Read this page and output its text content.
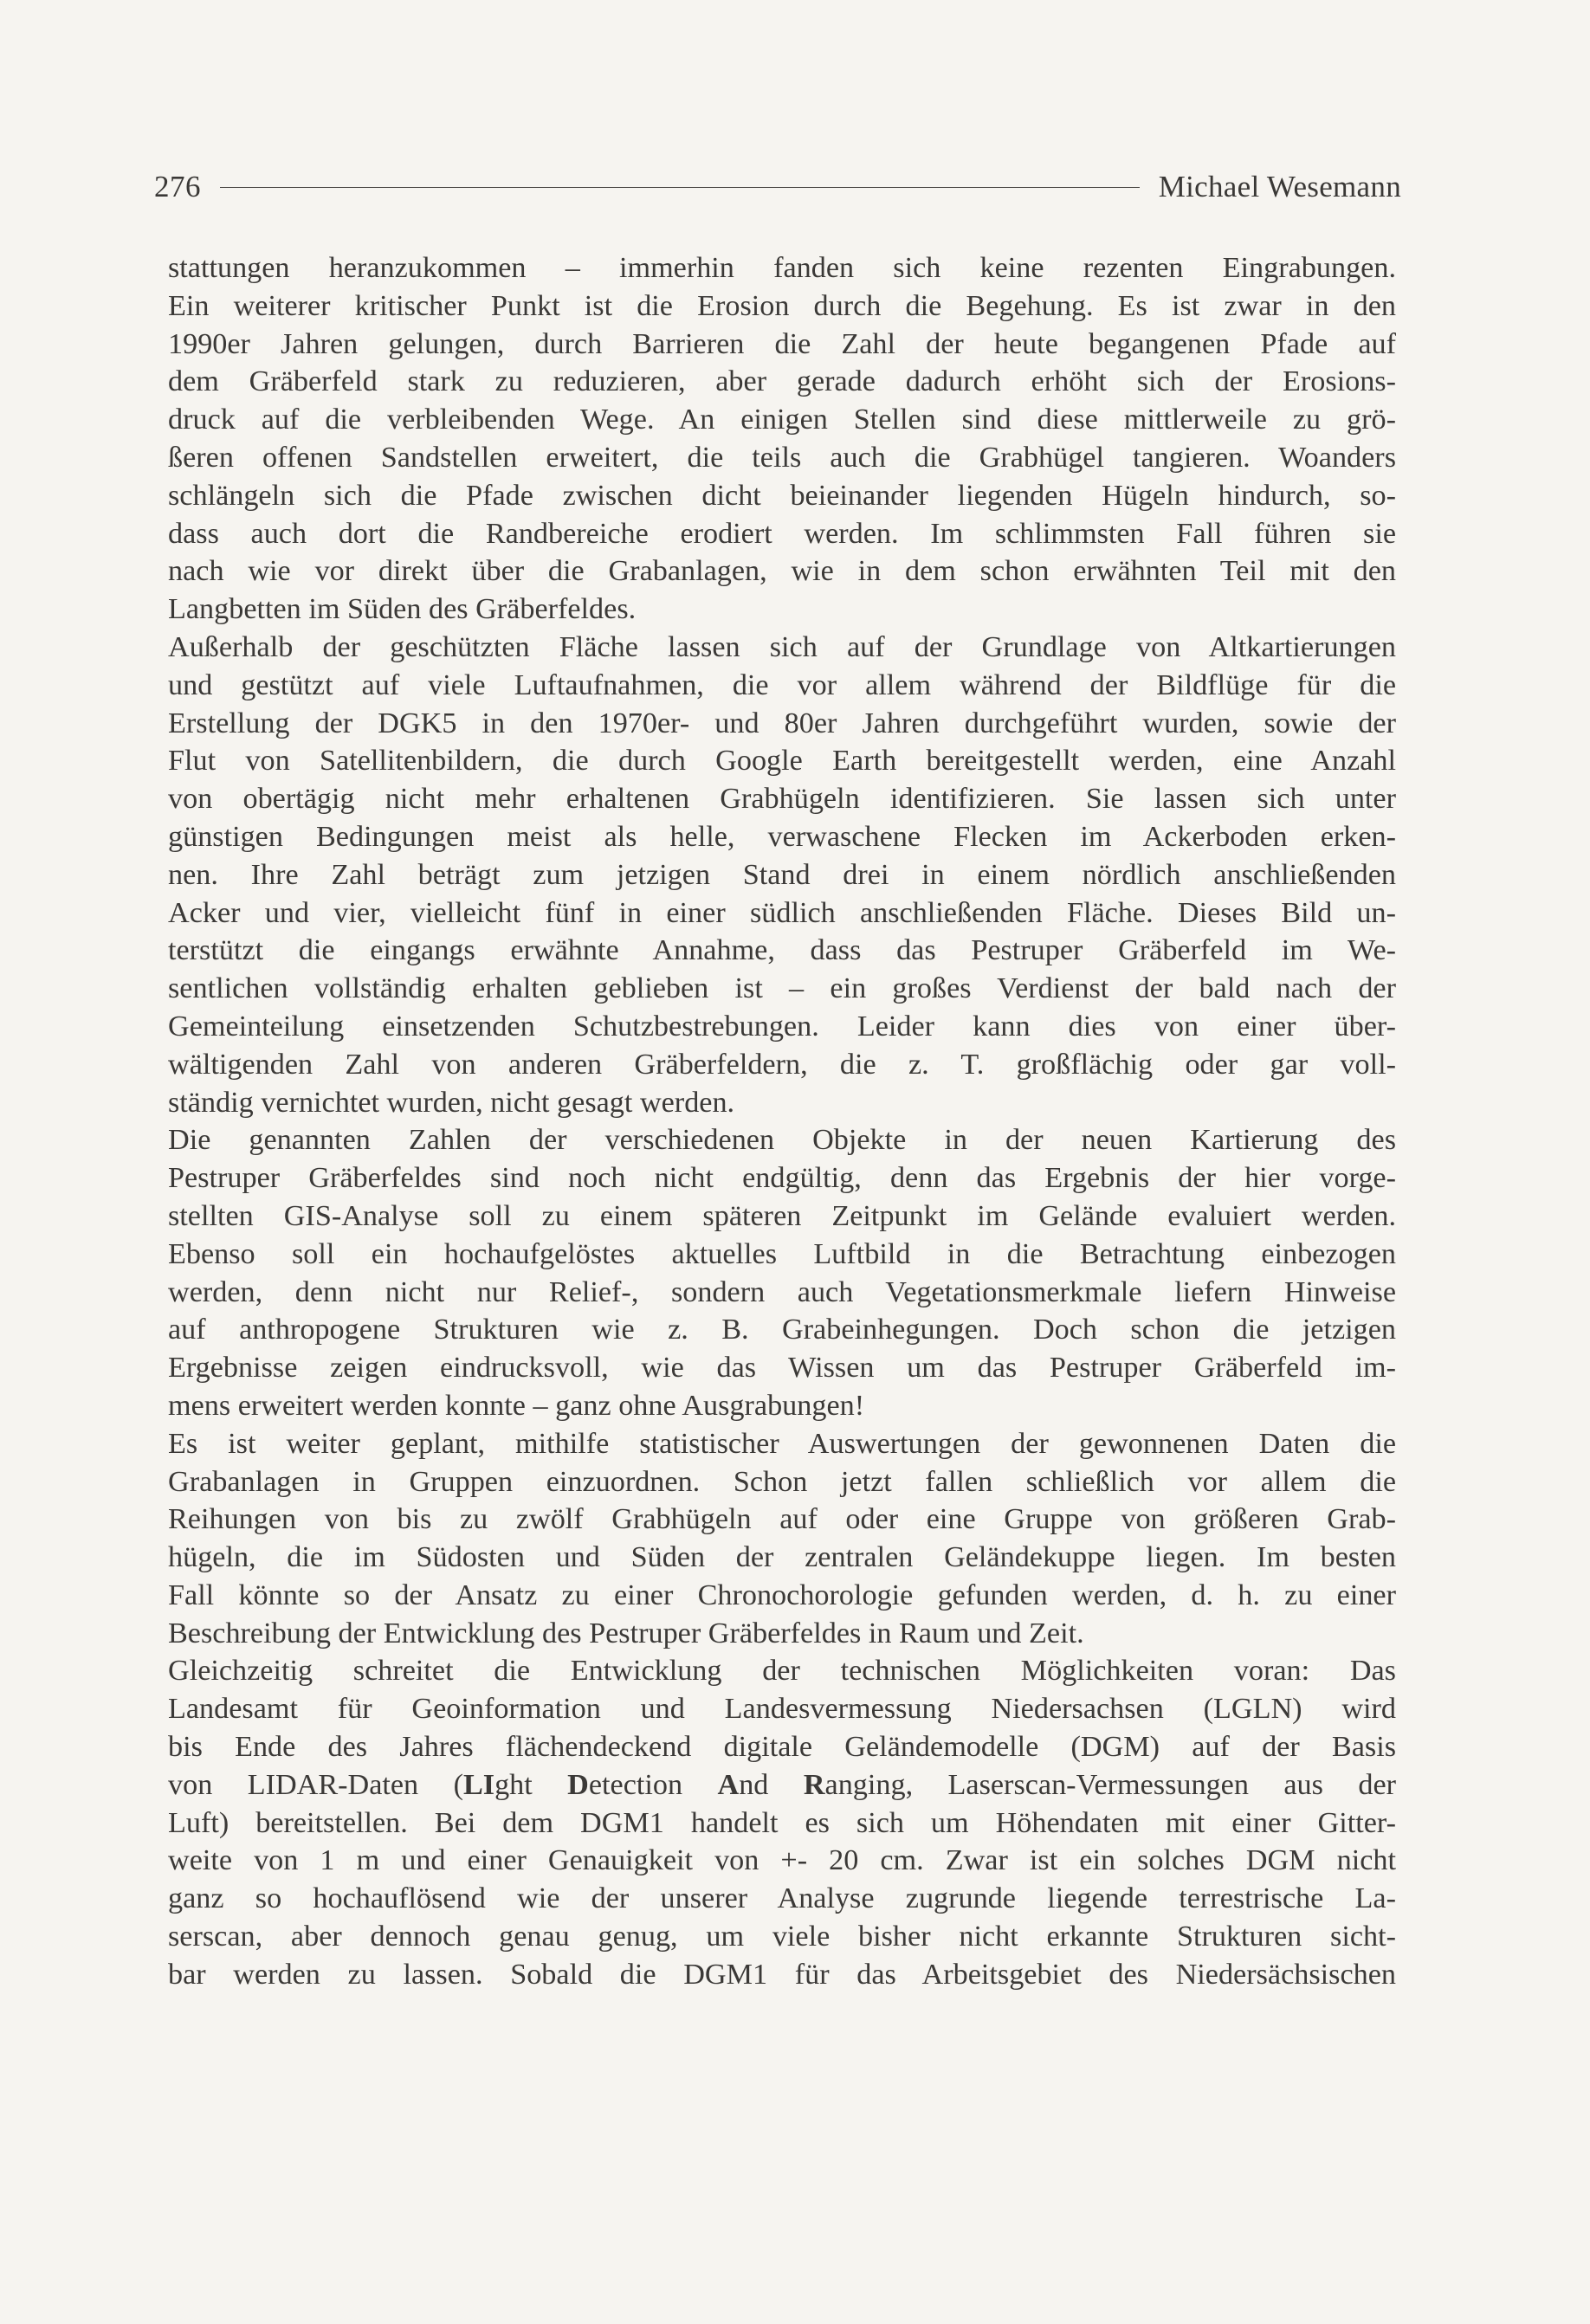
276	Michael Wesemann
stattungen heranzukommen – immerhin fanden sich keine rezenten Eingrabungen.
Ein weiterer kritischer Punkt ist die Erosion durch die Begehung. Es ist zwar in den
1990er Jahren gelungen, durch Barrieren die Zahl der heute begangenen Pfade auf
dem Gräberfeld stark zu reduzieren, aber gerade dadurch erhöht sich der Erosions-
druck auf die verbleibenden Wege. An einigen Stellen sind diese mittlerweile zu grö-
ßeren offenen Sandstellen erweitert, die teils auch die Grabhügel tangieren. Woanders
schlängeln sich die Pfade zwischen dicht beieinander liegenden Hügeln hindurch, so-
dass auch dort die Randbereiche erodiert werden. Im schlimmsten Fall führen sie
nach wie vor direkt über die Grabanlagen, wie in dem schon erwähnten Teil mit den
Langbetten im Süden des Gräberfeldes.
Außerhalb der geschützten Fläche lassen sich auf der Grundlage von Altkartierungen
und gestützt auf viele Luftaufnahmen, die vor allem während der Bildflüge für die
Erstellung der DGK5 in den 1970er- und 80er Jahren durchgeführt wurden, sowie der
Flut von Satellitenbildern, die durch Google Earth bereitgestellt werden, eine Anzahl
von obertägig nicht mehr erhaltenen Grabhügeln identifizieren. Sie lassen sich unter
günstigen Bedingungen meist als helle, verwaschene Flecken im Ackerboden erken-
nen. Ihre Zahl beträgt zum jetzigen Stand drei in einem nördlich anschließenden
Acker und vier, vielleicht fünf in einer südlich anschließenden Fläche. Dieses Bild un-
terstützt die eingangs erwähnte Annahme, dass das Pestruper Gräberfeld im We-
sentlichen vollständig erhalten geblieben ist – ein großes Verdienst der bald nach der
Gemeinteilung einsetzenden Schutzbestrebungen. Leider kann dies von einer über-
wältigenden Zahl von anderen Gräberfeldern, die z. T. großflächig oder gar voll-
ständig vernichtet wurden, nicht gesagt werden.
Die genannten Zahlen der verschiedenen Objekte in der neuen Kartierung des
Pestruper Gräberfeldes sind noch nicht endgültig, denn das Ergebnis der hier vorge-
stellten GIS-Analyse soll zu einem späteren Zeitpunkt im Gelände evaluiert werden.
Ebenso soll ein hochaufgelöstes aktuelles Luftbild in die Betrachtung einbezogen
werden, denn nicht nur Relief-, sondern auch Vegetationsmerkmale liefern Hinweise
auf anthropogene Strukturen wie z. B. Grabeinhegungen. Doch schon die jetzigen
Ergebnisse zeigen eindrucksvoll, wie das Wissen um das Pestruper Gräberfeld im-
mens erweitert werden konnte – ganz ohne Ausgrabungen!
Es ist weiter geplant, mithilfe statistischer Auswertungen der gewonnenen Daten die
Grabanlagen in Gruppen einzuordnen. Schon jetzt fallen schließlich vor allem die
Reihungen von bis zu zwölf Grabhügeln auf oder eine Gruppe von größeren Grab-
hügeln, die im Südosten und Süden der zentralen Geländekuppe liegen. Im besten
Fall könnte so der Ansatz zu einer Chronochorologie gefunden werden, d. h. zu einer
Beschreibung der Entwicklung des Pestruper Gräberfeldes in Raum und Zeit.
Gleichzeitig schreitet die Entwicklung der technischen Möglichkeiten voran: Das
Landesamt für Geoinformation und Landesvermessung Niedersachsen (LGLN) wird
bis Ende des Jahres flächendeckend digitale Geländemodelle (DGM) auf der Basis
von LIDAR-Daten (LIght Detection And Ranging, Laserscan-Vermessungen aus der
Luft) bereitstellen. Bei dem DGM1 handelt es sich um Höhendaten mit einer Gitter-
weite von 1 m und einer Genauigkeit von +- 20 cm. Zwar ist ein solches DGM nicht
ganz so hochauflösend wie der unserer Analyse zugrunde liegende terrestrische La-
serscan, aber dennoch genau genug, um viele bisher nicht erkannte Strukturen sicht-
bar werden zu lassen. Sobald die DGM1 für das Arbeitsgebiet des Niedersächsischen
